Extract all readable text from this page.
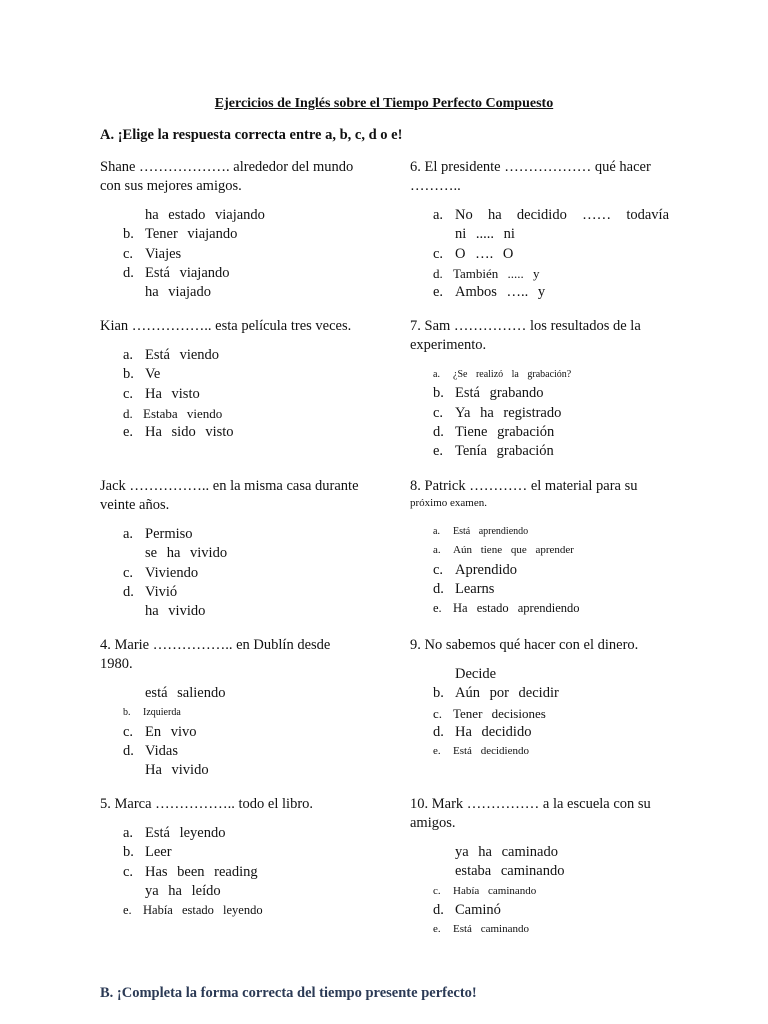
Ejercicios de Inglés sobre el Tiempo Perfecto Compuesto
A. ¡Elige la respuesta correcta entre a, b, c, d o e!
Shane ………………. alrededor del mundo con sus mejores amigos.
ha estado viajando
b. Tener viajando
c. Viajes
d. Está viajando
ha viajado
Kian …………….. esta película tres veces.
a. Está viendo
b. Ve
c. Ha visto
d. Estaba viendo
e. Ha sido visto
Jack …………….. en la misma casa durante veinte años.
a. Permiso
se ha vivido
c. Viviendo
d. Vivió
ha vivido
4. Marie …………….. en Dublín desde 1980.
está saliendo
b. Izquierda
c. En vivo
d. Vidas
Ha vivido
5. Marca …………….. todo el libro.
a. Está leyendo
b. Leer
c. Has been reading
ya ha leído
e. Había estado leyendo
6. El presidente ……………… qué hacer ………..
a. No ha decidido …… todavía
ni ..... ni
c. O …. O
d. También ..... y
e. Ambos ….. y
7. Sam …………… los resultados de la experimento.
a. ¿Se realizó la grabación?
b. Está grabando
c. Ya ha registrado
d. Tiene grabación
e. Tenía grabación
8. Patrick ………… el material para su
próximo examen.
a. Está aprendiendo
a. Aún tiene que aprender
c. Aprendido
d. Learns
e. Ha estado aprendiendo
9. No sabemos qué hacer con el dinero.
Decide
b. Aún por decidir
c. Tener decisiones
d. Ha decidido
e. Está decidiendo
10. Mark …………… a la escuela con su amigos.
ya ha caminado
estaba caminando
c. Había caminando
d. Caminó
e. Está caminando
B. ¡Completa la forma correcta del tiempo presente perfecto!
